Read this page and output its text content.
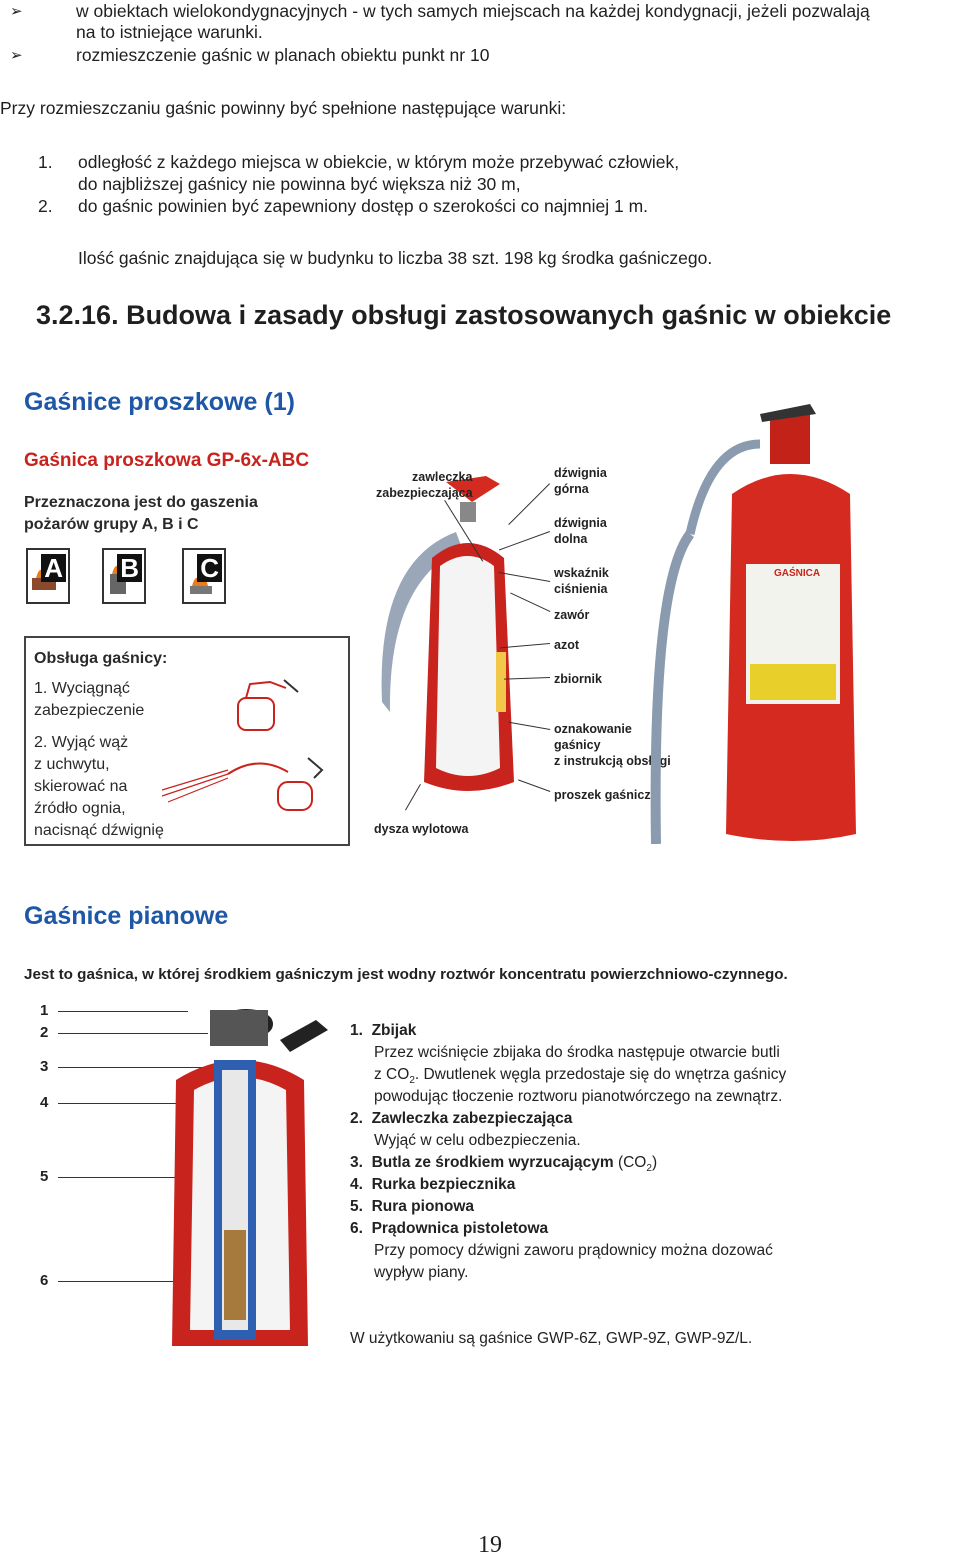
➢	w obiektach wielokondygnacyjnych - w tych samych miejscach na każdej kondygnacji, jeżeli pozwalają
na to istniejące warunki.
➢	rozmieszczenie gaśnic w planach obiektu punkt nr 10
Przy rozmieszczaniu gaśnic powinny być spełnione następujące warunki:
1. odległość z każdego miejsca w obiekcie, w którym może przebywać człowiek,
do najbliższej gaśnicy nie powinna być większa niż 30 m,
2. do gaśnic powinien być zapewniony dostęp o szerokości co najmniej 1 m.
Ilość gaśnic znajdująca się w budynku to liczba 38 szt. 198 kg środka gaśniczego.
3.2.16. Budowa i zasady obsługi zastosowanych gaśnic w obiekcie
Gaśnice proszkowe (1)
Gaśnica proszkowa GP-6x-ABC
Przeznaczona jest do gaszenia
pożarów grupy A, B i C
A B C
Obsługa gaśnicy:
1. Wyciągnąć
zabezpieczenie
2. Wyjąć wąż
z uchwytu,
skierować na
źródło ognia,
nacisnąć dźwignię
zawleczka
zabezpieczająca
dźwignia
górna
dźwignia
dolna
wskaźnik
ciśnienia
zawór
azot
zbiornik
oznakowanie
gaśnicy
z instrukcją obsługi
proszek gaśniczy
dysza wylotowa
GAŚNICA
Gaśnice pianowe
Jest to gaśnica, w której środkiem gaśniczym jest wodny roztwór koncentratu powierzchniowo-czynnego.
1
2
3
4
5
6
1. Zbijak
Przez wciśnięcie zbijaka do środka następuje otwarcie butli
z $CO_2$. Dwutlenek węgla przedostaje się do wnętrza gaśnicy
powodując tłoczenie roztworu pianotwórczego na zewnątrz.
2. Zawleczka zabezpieczająca
Wyjąć w celu odbezpieczenia.
3. Butla ze środkiem wyrzucającym $(CO_2)$
4. Rurka bezpiecznika
5. Rura pionowa
6. Prądownica pistoletowa
Przy pomocy dźwigni zaworu prądownicy można dozować
wypływ piany.
W użytkowaniu są gaśnice GWP-6Z, GWP-9Z, GWP-9Z/L.
19
